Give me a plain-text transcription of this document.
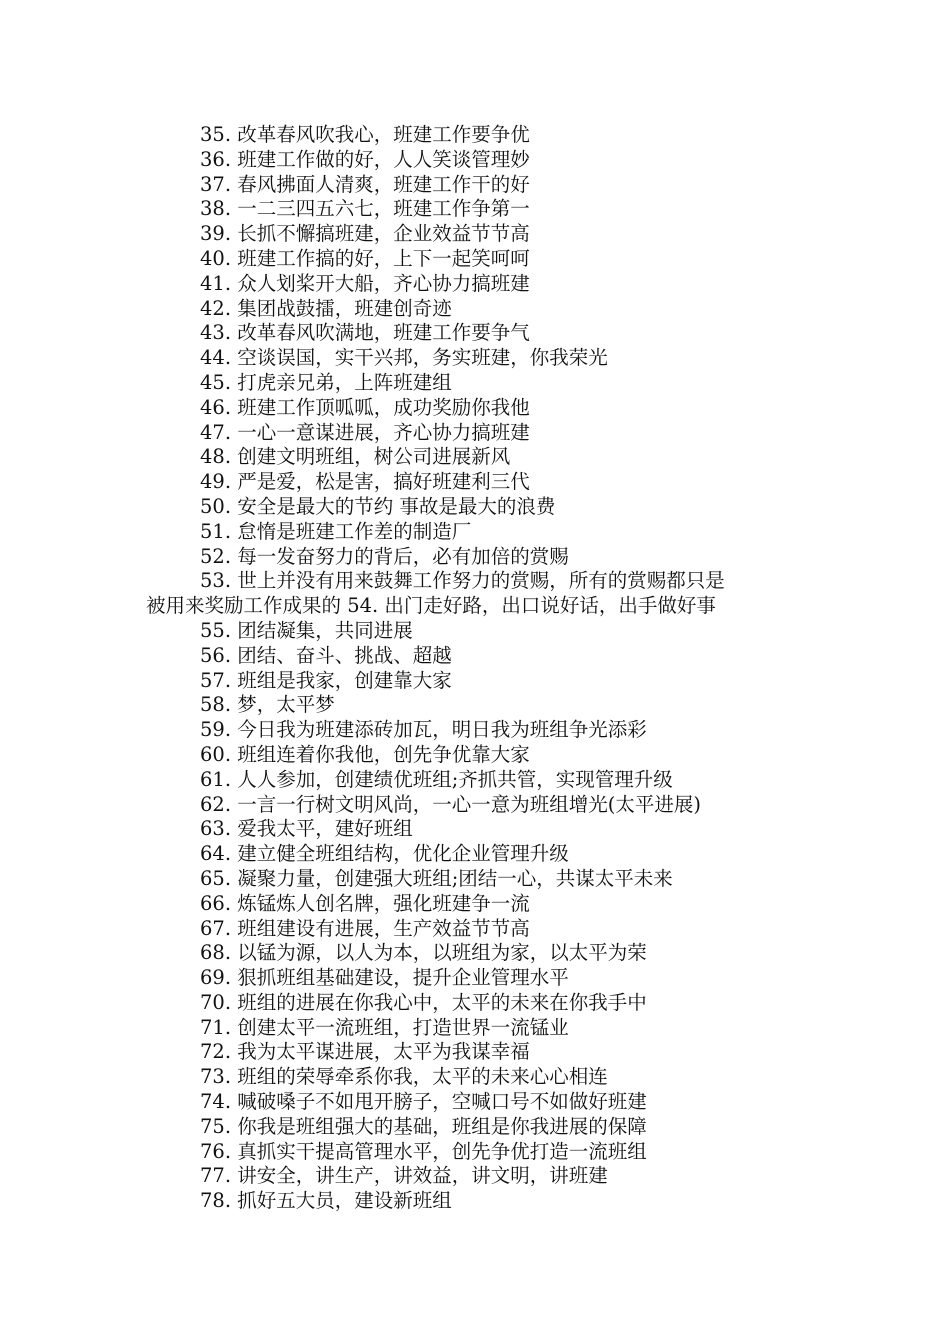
35. 改革春风吹我心，班建工作要争优
36. 班建工作做的好，人人笑谈管理妙
37. 春风拂面人清爽，班建工作干的好
38. 一二三四五六七，班建工作争第一
39. 长抓不懈搞班建，企业效益节节高
40. 班建工作搞的好，上下一起笑呵呵
41. 众人划桨开大船，齐心协力搞班建
42. 集团战鼓擂，班建创奇迹
43. 改革春风吹满地，班建工作要争气
44. 空谈误国，实干兴邦，务实班建，你我荣光
45. 打虎亲兄弟，上阵班建组
46. 班建工作顶呱呱，成功奖励你我他
47. 一心一意谋进展，齐心协力搞班建
48. 创建文明班组，树公司进展新风
49. 严是爱，松是害，搞好班建利三代
50. 安全是最大的节约 事故是最大的浪费
51. 怠惰是班建工作差的制造厂
52. 每一发奋努力的背后，必有加倍的赏赐
53. 世上并没有用来鼓舞工作努力的赏赐，所有的赏赐都只是
被用来奖励工作成果的 54. 出门走好路，出口说好话，出手做好事
55. 团结凝集，共同进展
56. 团结、奋斗、挑战、超越
57. 班组是我家，创建靠大家
58. 梦，太平梦
59. 今日我为班建添砖加瓦，明日我为班组争光添彩
60. 班组连着你我他，创先争优靠大家
61. 人人参加，创建绩优班组;齐抓共管，实现管理升级
62. 一言一行树文明风尚，一心一意为班组增光(太平进展)
63. 爱我太平，建好班组
64. 建立健全班组结构，优化企业管理升级
65. 凝聚力量，创建强大班组;团结一心，共谋太平未来
66. 炼锰炼人创名牌，强化班建争一流
67. 班组建设有进展，生产效益节节高
68. 以锰为源，以人为本，以班组为家，以太平为荣
69. 狠抓班组基础建设，提升企业管理水平
70. 班组的进展在你我心中，太平的未来在你我手中
71. 创建太平一流班组，打造世界一流锰业
72. 我为太平谋进展，太平为我谋幸福
73. 班组的荣辱牵系你我，太平的未来心心相连
74. 喊破嗓子不如甩开膀子，空喊口号不如做好班建
75. 你我是班组强大的基础，班组是你我进展的保障
76. 真抓实干提高管理水平，创先争优打造一流班组
77. 讲安全，讲生产，讲效益，讲文明，讲班建
78. 抓好五大员，建设新班组
